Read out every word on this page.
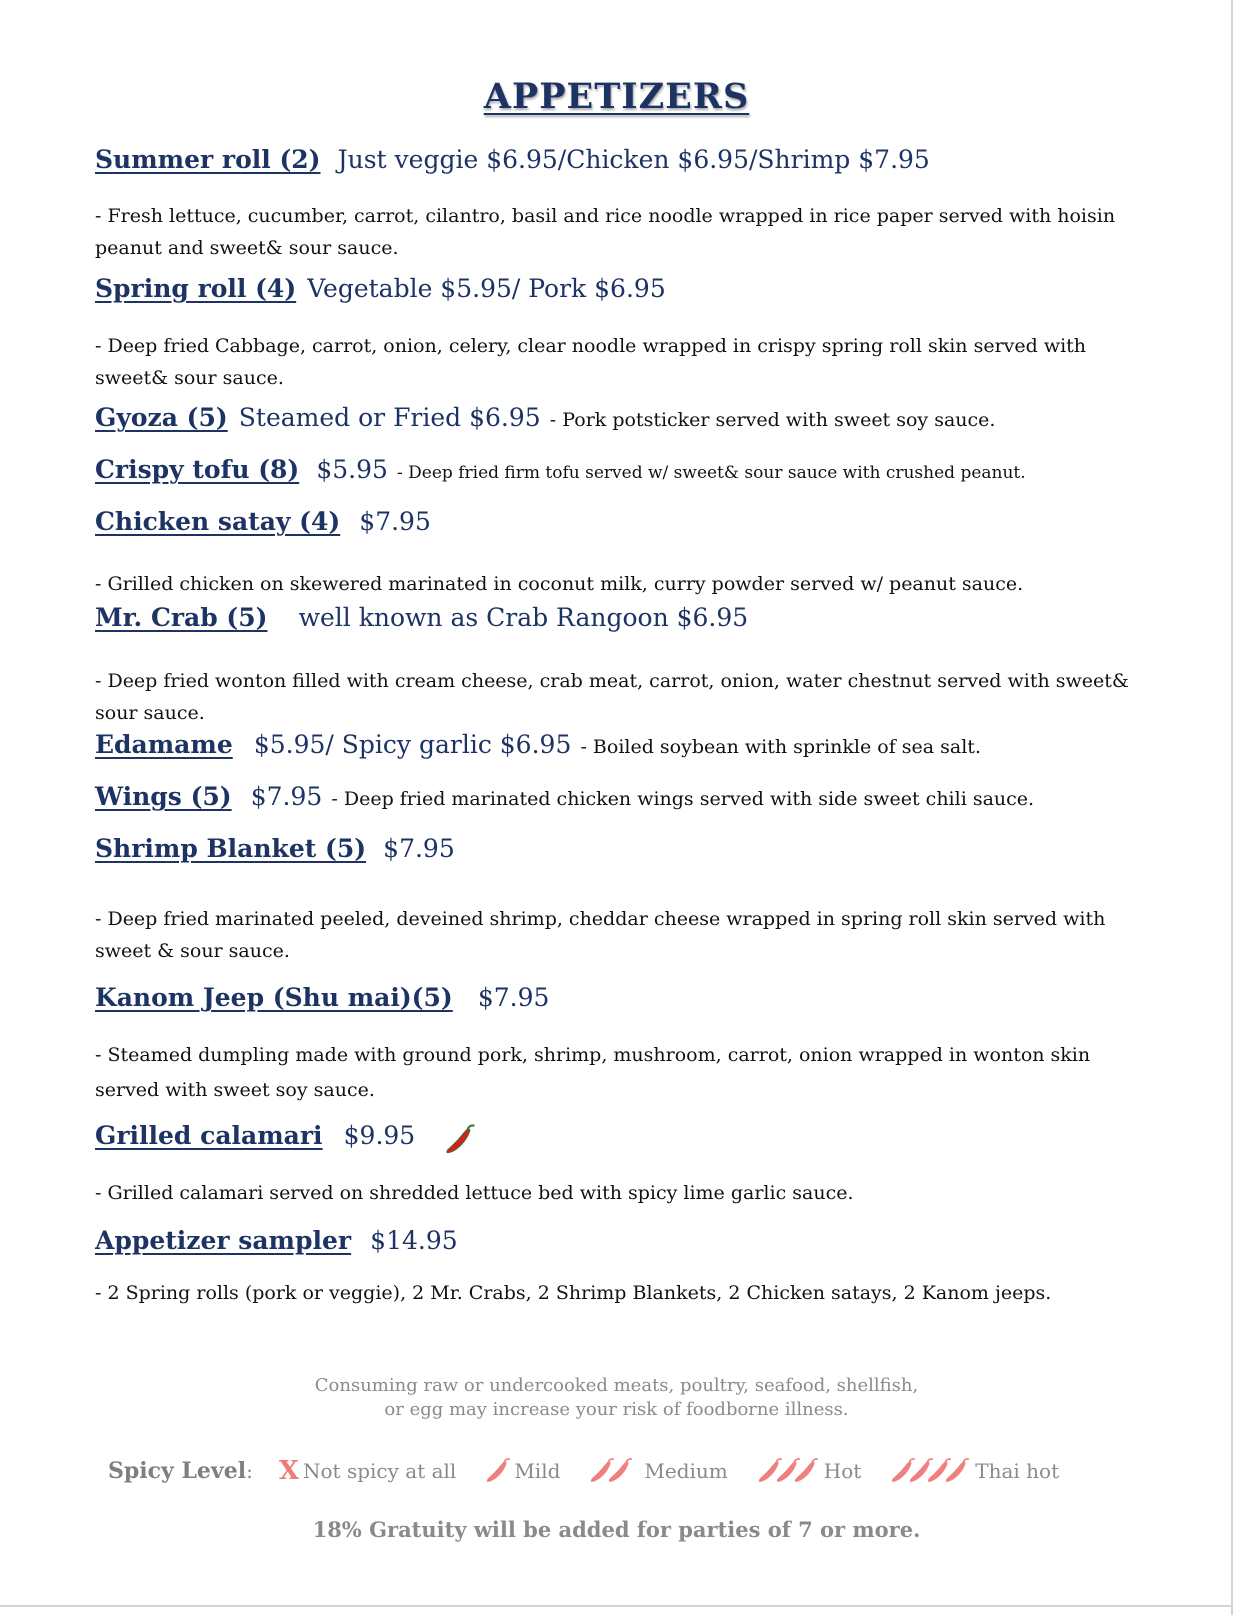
APPETIZERS
Summer roll (2) Just veggie $6.95/Chicken $6.95/Shrimp $7.95
- Fresh lettuce, cucumber, carrot, cilantro, basil and rice noodle wrapped in rice paper served with hoisin peanut and sweet& sour sauce.
Spring roll (4) Vegetable $5.95/ Pork $6.95
- Deep fried Cabbage, carrot, onion, celery, clear noodle wrapped in crispy spring roll skin served with sweet& sour sauce.
Gyoza (5) Steamed or Fried $6.95 - Pork potsticker served with sweet soy sauce.
Crispy tofu (8) $5.95 - Deep fried firm tofu served w/ sweet& sour sauce with crushed peanut.
Chicken satay (4) $7.95
- Grilled chicken on skewered marinated in coconut milk, curry powder served w/ peanut sauce.
Mr. Crab (5) well known as Crab Rangoon $6.95
- Deep fried wonton filled with cream cheese, crab meat, carrot, onion, water chestnut served with sweet& sour sauce.
Edamame $5.95/ Spicy garlic $6.95 - Boiled soybean with sprinkle of sea salt.
Wings (5) $7.95 - Deep fried marinated chicken wings served with side sweet chili sauce.
Shrimp Blanket (5) $7.95
- Deep fried marinated peeled, deveined shrimp, cheddar cheese wrapped in spring roll skin served with sweet & sour sauce.
Kanom Jeep (Shu mai)(5) $7.95
- Steamed dumpling made with ground pork, shrimp, mushroom, carrot, onion wrapped in wonton skin served with sweet soy sauce.
Grilled calamari $9.95
- Grilled calamari served on shredded lettuce bed with spicy lime garlic sauce.
Appetizer sampler $14.95
- 2 Spring rolls (pork or veggie), 2 Mr. Crabs, 2 Shrimp Blankets, 2 Chicken satays, 2 Kanom jeeps.
Consuming raw or undercooked meats, poultry, seafood, shellfish,
or egg may increase your risk of foodborne illness.
Spicy Level : X Not spicy at all	Mild	Medium	Hot	Thai hot
18% Gratuity will be added for parties of 7 or more.
